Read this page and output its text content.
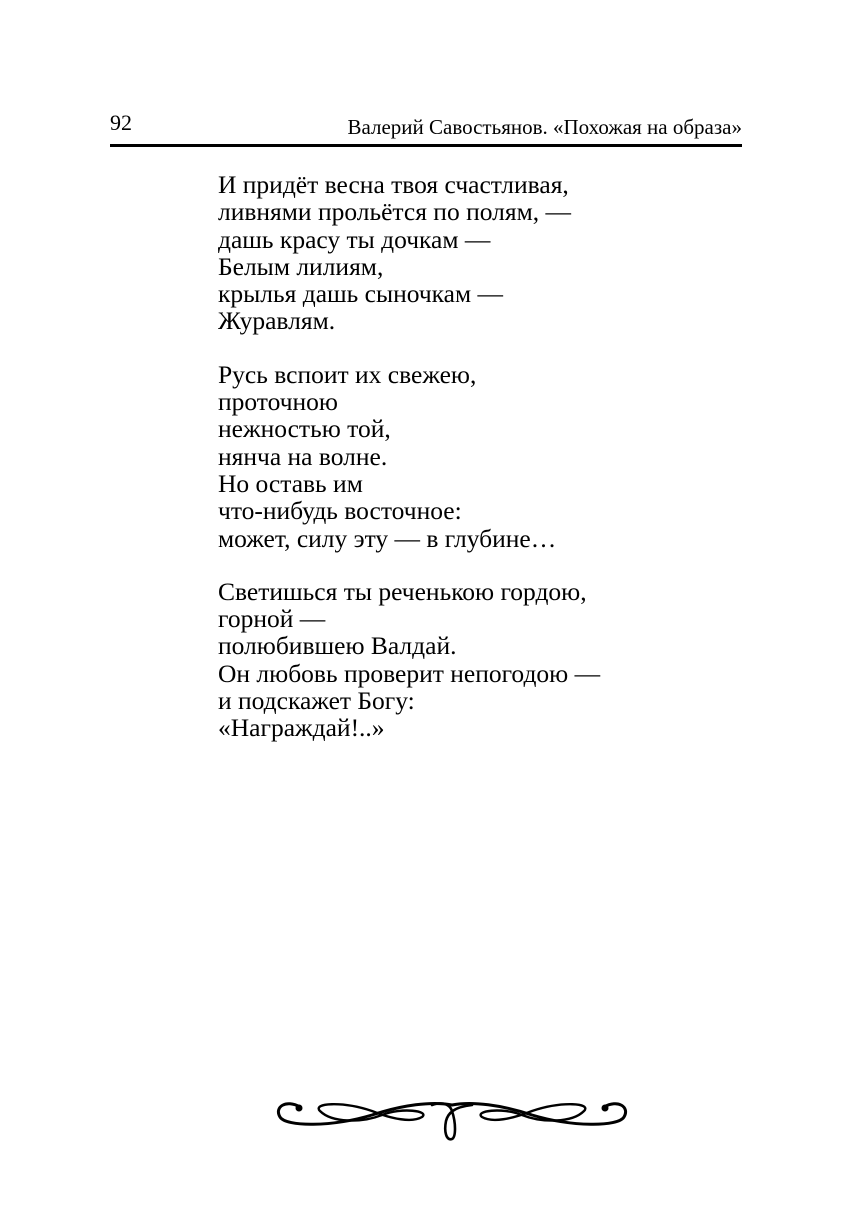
92	Валерий Савостьянов. «Похожая на образа»
И придёт весна твоя счастливая,
ливнями прольётся по полям, —
дашь красу ты дочкам —
Белым лилиям,
крылья дашь сыночкам —
Журавлям.
Русь вспоит их свежею,
проточною
нежностью той,
нянча на волне.
Но оставь им
что-нибудь восточное:
может, силу эту — в глубине…
Светишься ты реченькою гордою,
горной —
полюбившею Валдай.
Он любовь проверит непогодою —
и подскажет Богу:
«Награждай!..»
